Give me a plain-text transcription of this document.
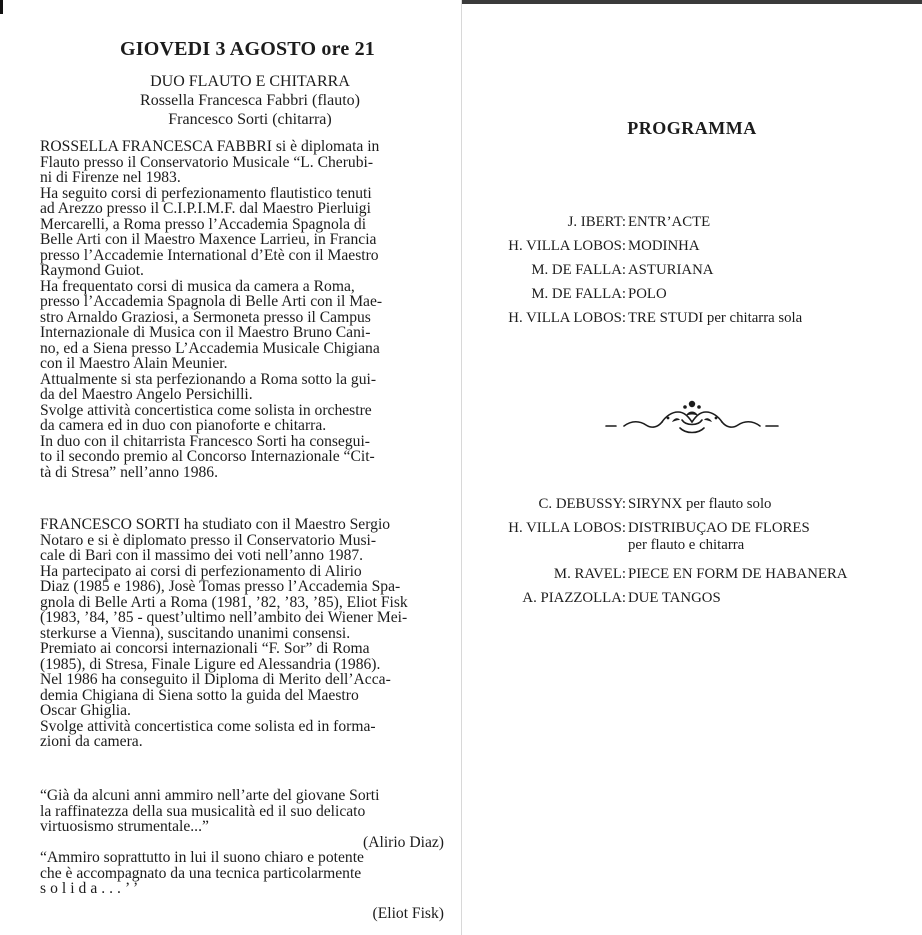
GIOVEDI 3 AGOSTO ore 21
DUO FLAUTO E CHITARRA
Rossella Francesca Fabbri (flauto)
Francesco Sorti (chitarra)
ROSSELLA FRANCESCA FABBRI si è diplomata in
Flauto presso il Conservatorio Musicale “L. Cherubi-
ni di Firenze nel 1983.
Ha seguito corsi di perfezionamento flautistico tenuti
ad Arezzo presso il C.I.P.I.M.F. dal Maestro Pierluigi
Mercarelli, a Roma presso l’Accademia Spagnola di
Belle Arti con il Maestro Maxence Larrieu, in Francia
presso l’Accademie International d’Etè con il Maestro
Raymond Guiot.
Ha frequentato corsi di musica da camera a Roma,
presso l’Accademia Spagnola di Belle Arti con il Mae-
stro Arnaldo Graziosi, a Sermoneta presso il Campus
Internazionale di Musica con il Maestro Bruno Cani-
no, ed a Siena presso L’Accademia Musicale Chigiana
con il Maestro Alain Meunier.
Attualmente si sta perfezionando a Roma sotto la gui-
da del Maestro Angelo Persichilli.
Svolge attività concertistica come solista in orchestre
da camera ed in duo con pianoforte e chitarra.
In duo con il chitarrista Francesco Sorti ha consegui-
to il secondo premio al Concorso Internazionale “Cit-
tà di Stresa” nell’anno 1986.
FRANCESCO SORTI ha studiato con il Maestro Sergio
Notaro e si è diplomato presso il Conservatorio Musi-
cale di Bari con il massimo dei voti nell’anno 1987.
Ha partecipato ai corsi di perfezionamento di Alirio
Diaz (1985 e 1986), Josè Tomas presso l’Accademia Spa-
gnola di Belle Arti a Roma (1981, ’82, ’83, ’85), Eliot Fisk
(1983, ’84, ’85 - quest’ultimo nell’ambito dei Wiener Mei-
sterkurse a Vienna), suscitando unanimi consensi.
Premiato ai concorsi internazionali “F. Sor” di Roma
(1985), di Stresa, Finale Ligure ed Alessandria (1986).
Nel 1986 ha conseguito il Diploma di Merito dell’Acca-
demia Chigiana di Siena sotto la guida del Maestro
Oscar Ghiglia.
Svolge attività concertistica come solista ed in forma-
zioni da camera.
“Già da alcuni anni ammiro nell’arte del giovane Sorti
la raffinatezza della sua musicalità ed il suo delicato
virtuosismo strumentale...”
(Alirio Diaz)
“Ammiro soprattutto in lui il suono chiaro e potente
che è accompagnato da una tecnica particolarmente
solida...’’
(Eliot Fisk)
PROGRAMMA
J. IBERT: ENTR’ACTE
H. VILLA LOBOS: MODINHA
M. DE FALLA: ASTURIANA
M. DE FALLA: POLO
H. VILLA LOBOS: TRE STUDI per chitarra sola
C. DEBUSSY: SIRYNX per flauto solo
H. VILLA LOBOS: DISTRIBUÇAO DE FLORES
per flauto e chitarra
M. RAVEL: PIECE EN FORM DE HABANERA
A. PIAZZOLLA: DUE TANGOS
